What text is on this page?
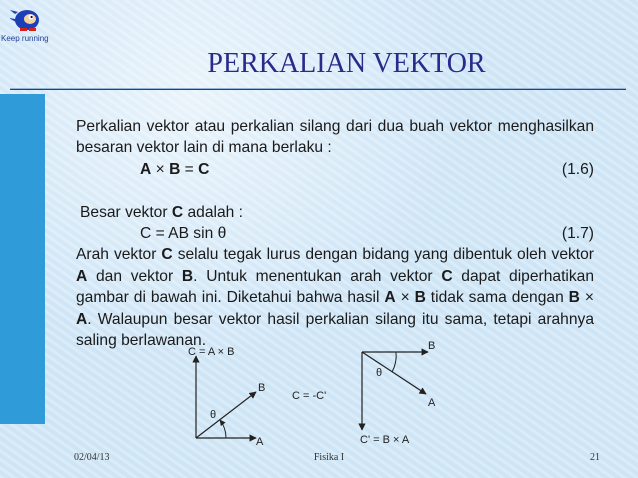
Keep running
PERKALIAN VEKTOR

Perkalian vektor atau perkalian silang dari dua buah vektor menghasilkan besaran vektor lain di mana berlaku :

A × B = C	(1.6)

Besar vektor C adalah :

C = AB sin θ	(1.7)

Arah vektor C selalu tegak lurus dengan bidang yang dibentuk oleh vektor A dan vektor B. Untuk menentukan arah vektor C dapat diperhatikan gambar di bawah ini. Diketahui bahwa hasil A × B tidak sama dengan B × A. Walaupun besar vektor hasil perkalian silang itu sama, tetapi arahnya saling berlawanan.

C = A × B
B
θ
A
C = -C'
B
θ
A
C' = B × A
02/04/13	Fisika I	21
